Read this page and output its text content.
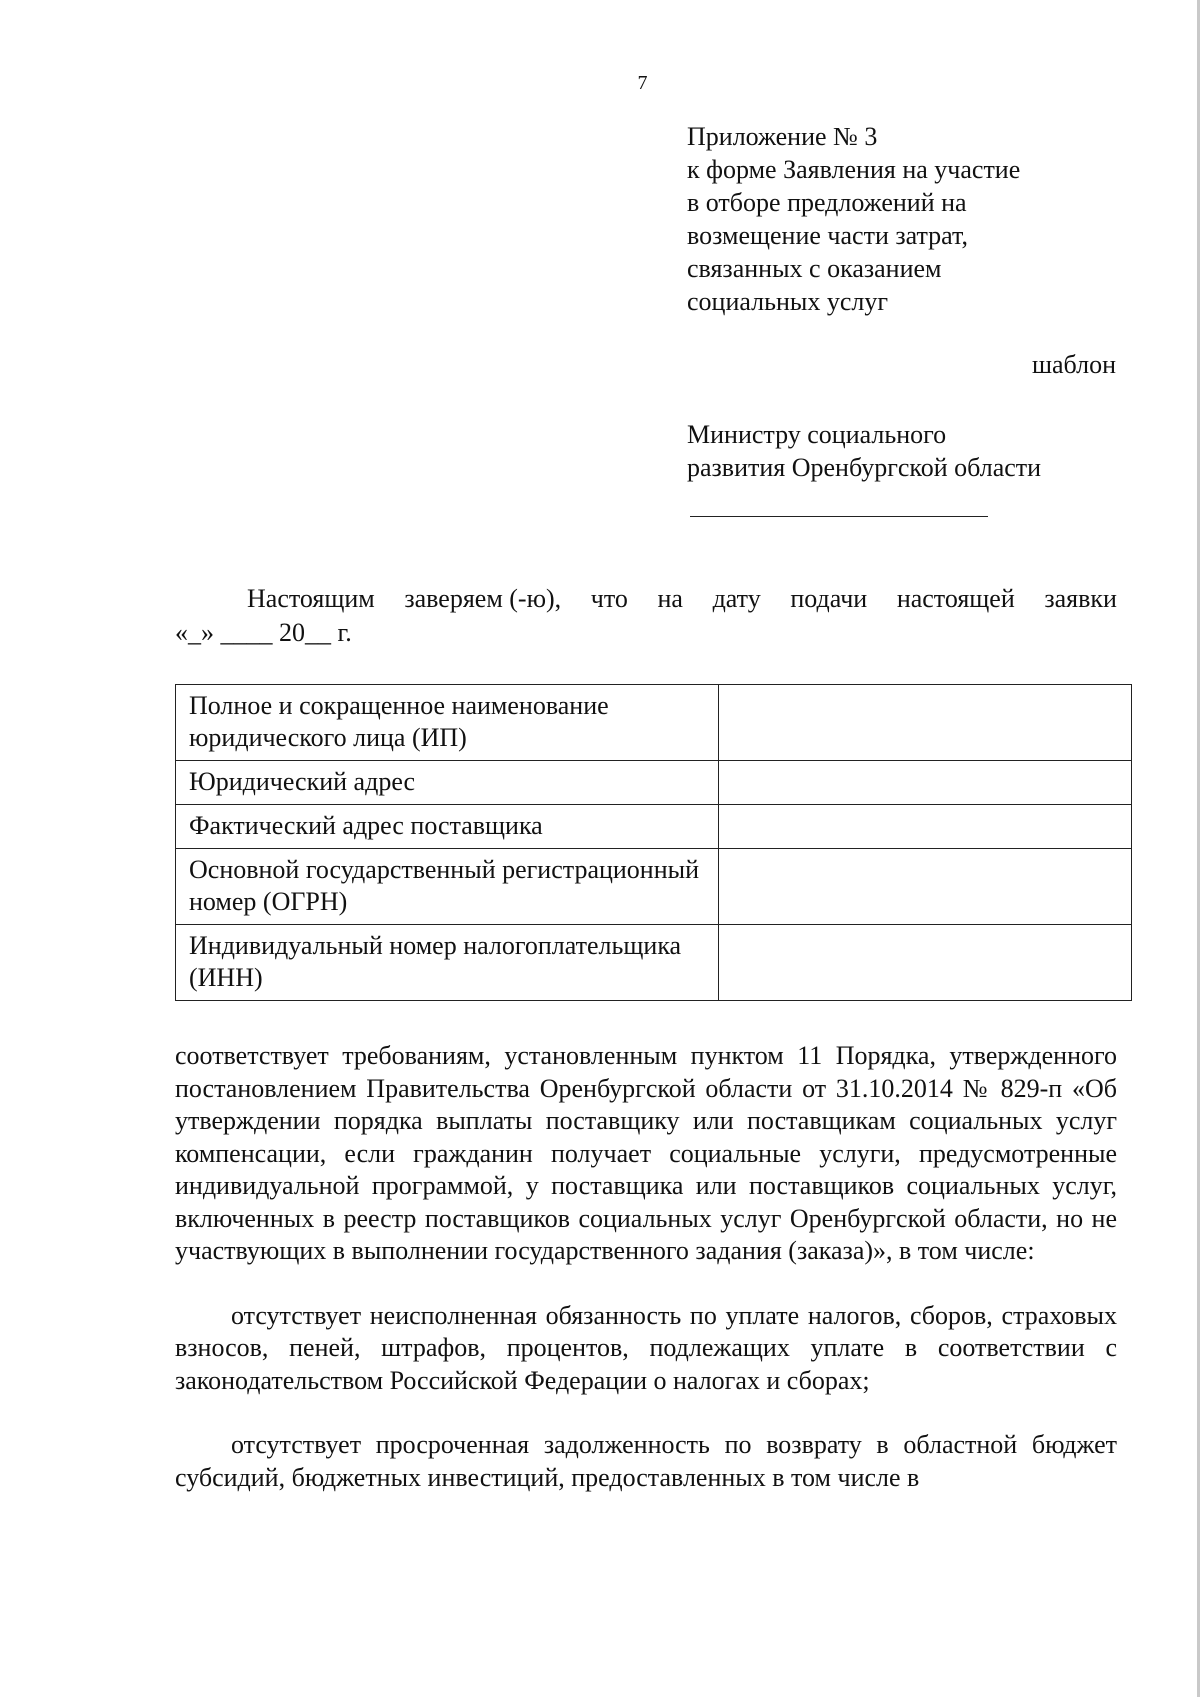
7
Приложение № 3
к форме Заявления на участие
в отборе предложений на
возмещение части затрат,
связанных с оказанием
социальных услуг
шаблон
Министру социального
развития Оренбургской области
Настоящим заверяем (-ю), что на дату подачи настоящей заявки
«_» ____ 20__ г.
Полное и сокращенное наименование юридического лица (ИП)	
Юридический адрес	
Фактический адрес поставщика	
Основной государственный регистрационный номер (ОГРН)	
Индивидуальный номер налогоплательщика (ИНН)	

соответствует требованиям, установленным пунктом 11 Порядка, утвержденного постановлением Правительства Оренбургской области от 31.10.2014 № 829-п «Об утверждении порядка выплаты поставщику или поставщикам социальных услуг компенсации, если гражданин получает социальные услуги, предусмотренные индивидуальной программой, у поставщика или поставщиков социальных услуг, включенных в реестр поставщиков социальных услуг Оренбургской области, но не участвующих в выполнении государственного задания (заказа)», в том числе:

отсутствует неисполненная обязанность по уплате налогов, сборов, страховых взносов, пеней, штрафов, процентов, подлежащих уплате в соответствии с законодательством Российской Федерации о налогах и сборах;

отсутствует просроченная задолженность по возврату в областной бюджет субсидий, бюджетных инвестиций, предоставленных в том числе в
